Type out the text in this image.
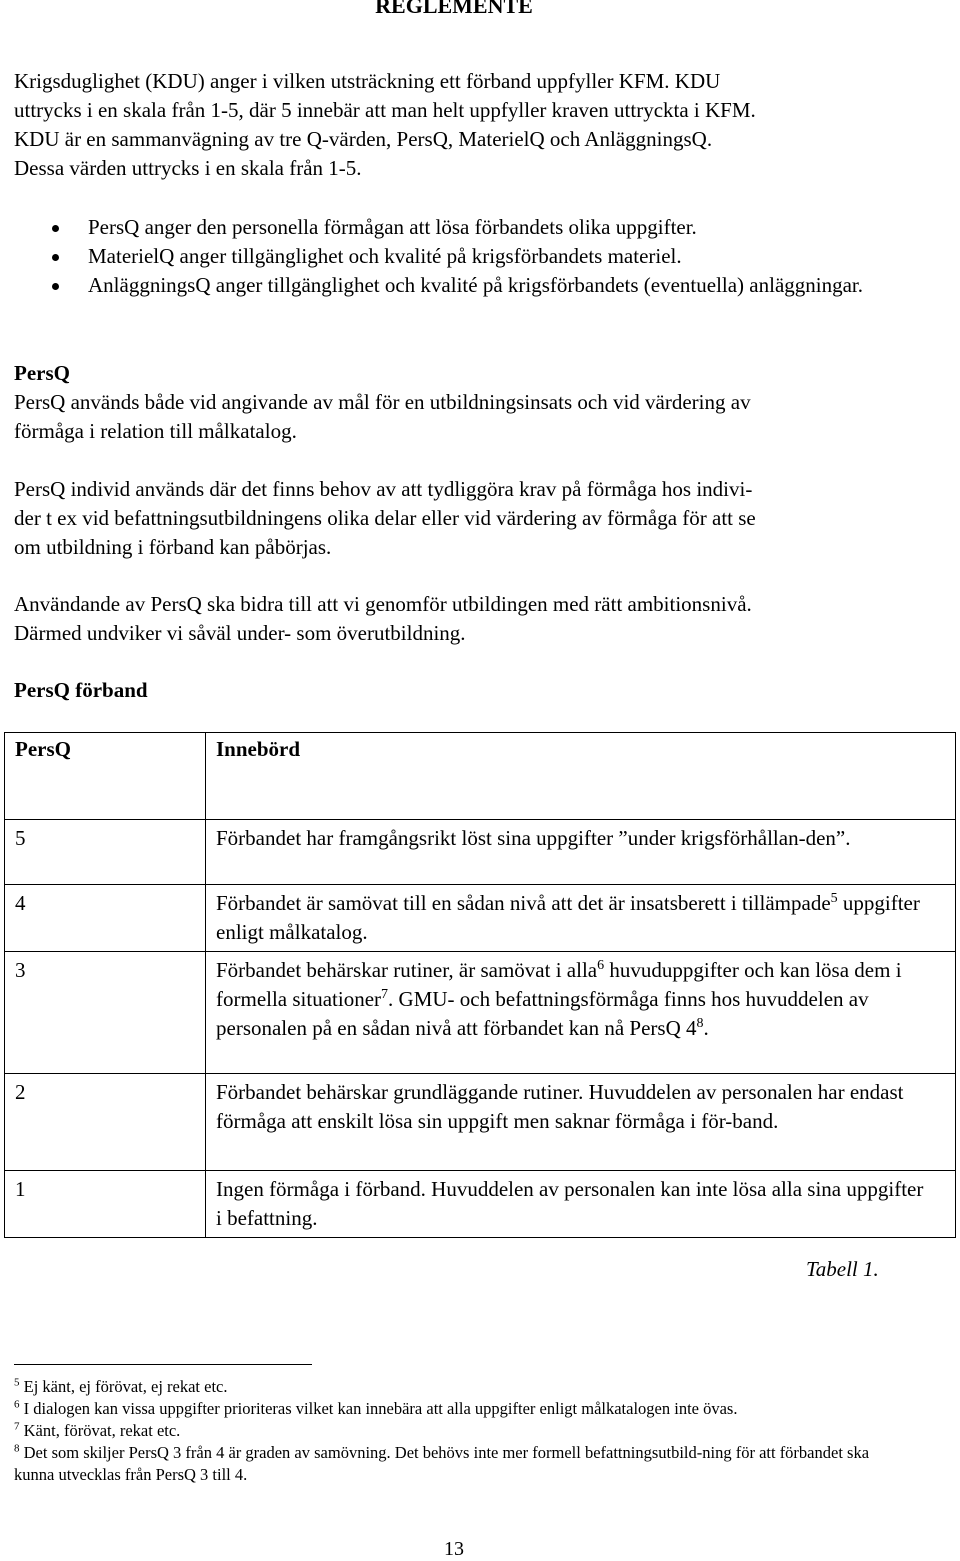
REGLEMENTE
Krigsduglighet (KDU) anger i vilken utsträckning ett förband uppfyller KFM. KDU
uttrycks i en skala från 1-5, där 5 innebär att man helt uppfyller kraven uttryckta i KFM.
KDU är en sammanvägning av tre Q-värden, PersQ, MaterielQ och AnläggningsQ.
Dessa värden uttrycks i en skala från 1-5.
PersQ anger den personella förmågan att lösa förbandets olika uppgifter.
MaterielQ anger tillgänglighet och kvalité på krigsförbandets materiel.
AnläggningsQ anger tillgänglighet och kvalité på krigsförbandets (eventuella) anläggningar.
PersQ
PersQ används både vid angivande av mål för en utbildningsinsats och vid värdering av
förmåga i relation till målkatalog.
PersQ individ används där det finns behov av att tydliggöra krav på förmåga hos indivi-
der t ex vid befattningsutbildningens olika delar eller vid värdering av förmåga för att se
om utbildning i förband kan påbörjas.
Användande av PersQ ska bidra till att vi genomför utbildingen med rätt ambitionsnivå.
Därmed undviker vi såväl under- som överutbildning.
PersQ förband
PersQ	Innebörd
5	Förbandet har framgångsrikt löst sina uppgifter ”under krigsförhållan-den”.
4	Förbandet är samövat till en sådan nivå att det är insatsberett i tillämpade$^5$ uppgifter enligt målkatalog.
3	Förbandet behärskar rutiner, är samövat i alla$^6$ huvuduppgifter och kan lösa dem i formella situationer$^7$. GMU- och befattningsförmåga finns hos huvuddelen av personalen på en sådan nivå att förbandet kan nå PersQ $4^8$.
2	Förbandet behärskar grundläggande rutiner. Huvuddelen av personalen har endast förmåga att enskilt lösa sin uppgift men saknar förmåga i för-band.
1	Ingen förmåga i förband. Huvuddelen av personalen kan inte lösa alla sina uppgifter i befattning.
Tabell 1.
$^5$ Ej känt, ej förövat, ej rekat etc.
$^6$ I dialogen kan vissa uppgifter prioriteras vilket kan innebära att alla uppgifter enligt målkatalogen inte övas.
$^7$ Känt, förövat, rekat etc.
$^8$ Det som skiljer PersQ 3 från 4 är graden av samövning. Det behövs inte mer formell befattningsutbild-ning för att förbandet ska kunna utvecklas från PersQ 3 till 4.
13
